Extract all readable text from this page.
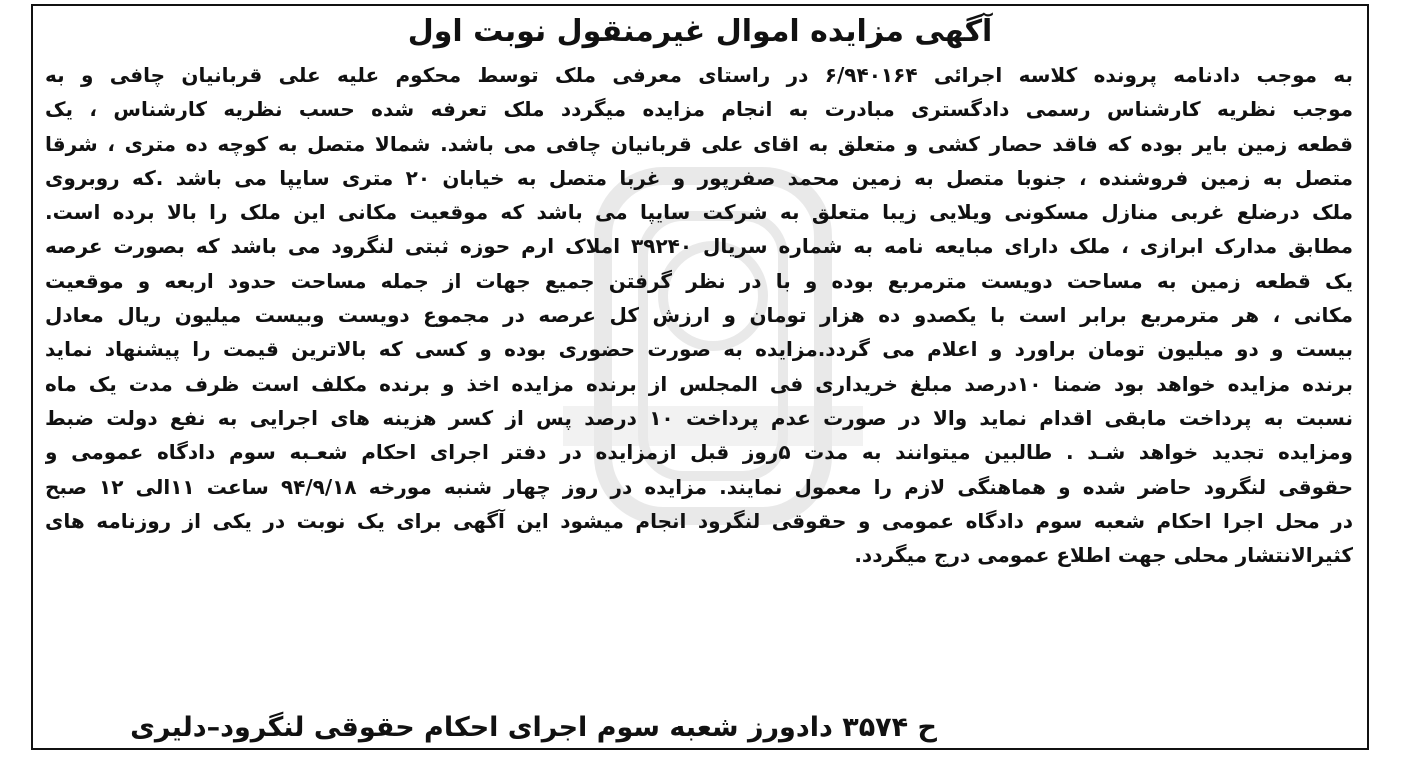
آگهی مزایده اموال غیرمنقول نوبت اول
به موجب دادنامه پرونده کلاسه اجرائی ۶/۹۴۰۱۶۴ در راستای معرفی ملک توسط محکوم علیه علی قربانیان چافی و به
موجب نظریه کارشناس رسمی دادگستری مبادرت به انجام مزایده میگردد ملک تعرفه شده حسب نظریه کارشناس ، یک
قطعه زمین بایر بوده که فاقد حصار کشی و متعلق به اقای علی قربانیان چافی می باشد. شمالا متصل به کوچه ده متری ، شرقا
متصل به زمین فروشنده ، جنوبا متصل به زمین محمد صفرپور و غربا متصل به خیابان ۲۰ متری سایپا می باشد .که روبروی
ملک درضلع غربی منازل مسکونی ویلایی زیبا متعلق به شرکت سایپا می باشد که موقعیت مکانی این ملک را بالا برده است.
مطابق مدارک ابرازی ، ملک دارای مبایعه نامه به شماره سریال ۳۹۲۴۰ املاک ارم حوزه ثبتی لنگرود می باشد که بصورت عرصه
یک قطعه زمین به مساحت دویست مترمربع بوده و با در نظر گرفتن جمیع جهات از جمله مساحت حدود اربعه و موقعیت
مکانی ، هر مترمربع برابر است با یکصدو ده هزار تومان و ارزش کل عرصه در مجموع دویست وبیست میلیون ریال معادل
بیست و دو میلیون تومان براورد و اعلام می گردد.مزایده به صورت حضوری بوده و کسی که بالاترین قیمت را پیشنهاد نماید
برنده مزایده خواهد بود ضمنا ۱۰درصد مبلغ خریداری فی المجلس از برنده مزایده اخذ و برنده مکلف است ظرف مدت یک ماه
نسبت به پرداخت مابقی اقدام نماید والا در صورت عدم پرداخت ۱۰ درصد پس از کسر هزینه های اجرایی به نفع دولت ضبط
ومزایده تجدید خواهد شـد . طالبین میتوانند به مدت ۵روز قبل ازمزایده در دفتر اجرای احکام شعـبه سوم دادگاه عمومی و
حقوقی لنگرود حاضر شده و هماهنگی لازم را معمول نمایند. مزایده در روز چهار شنبه مورخه ۹۴/۹/۱۸ ساعت ۱۱الی ۱۲ صبح
در محل اجرا احکام شعبه سوم دادگاه عمومی و حقوقی لنگرود انجام میشود این آگهی برای یک نوبت در یکی از روزنامه های
کثیرالانتشار محلی جهت اطلاع عمومی درج میگردد.
ح ۳۵۷۴ دادورز شعبه سوم اجرای احکام حقوقی لنگرود–دلیری
